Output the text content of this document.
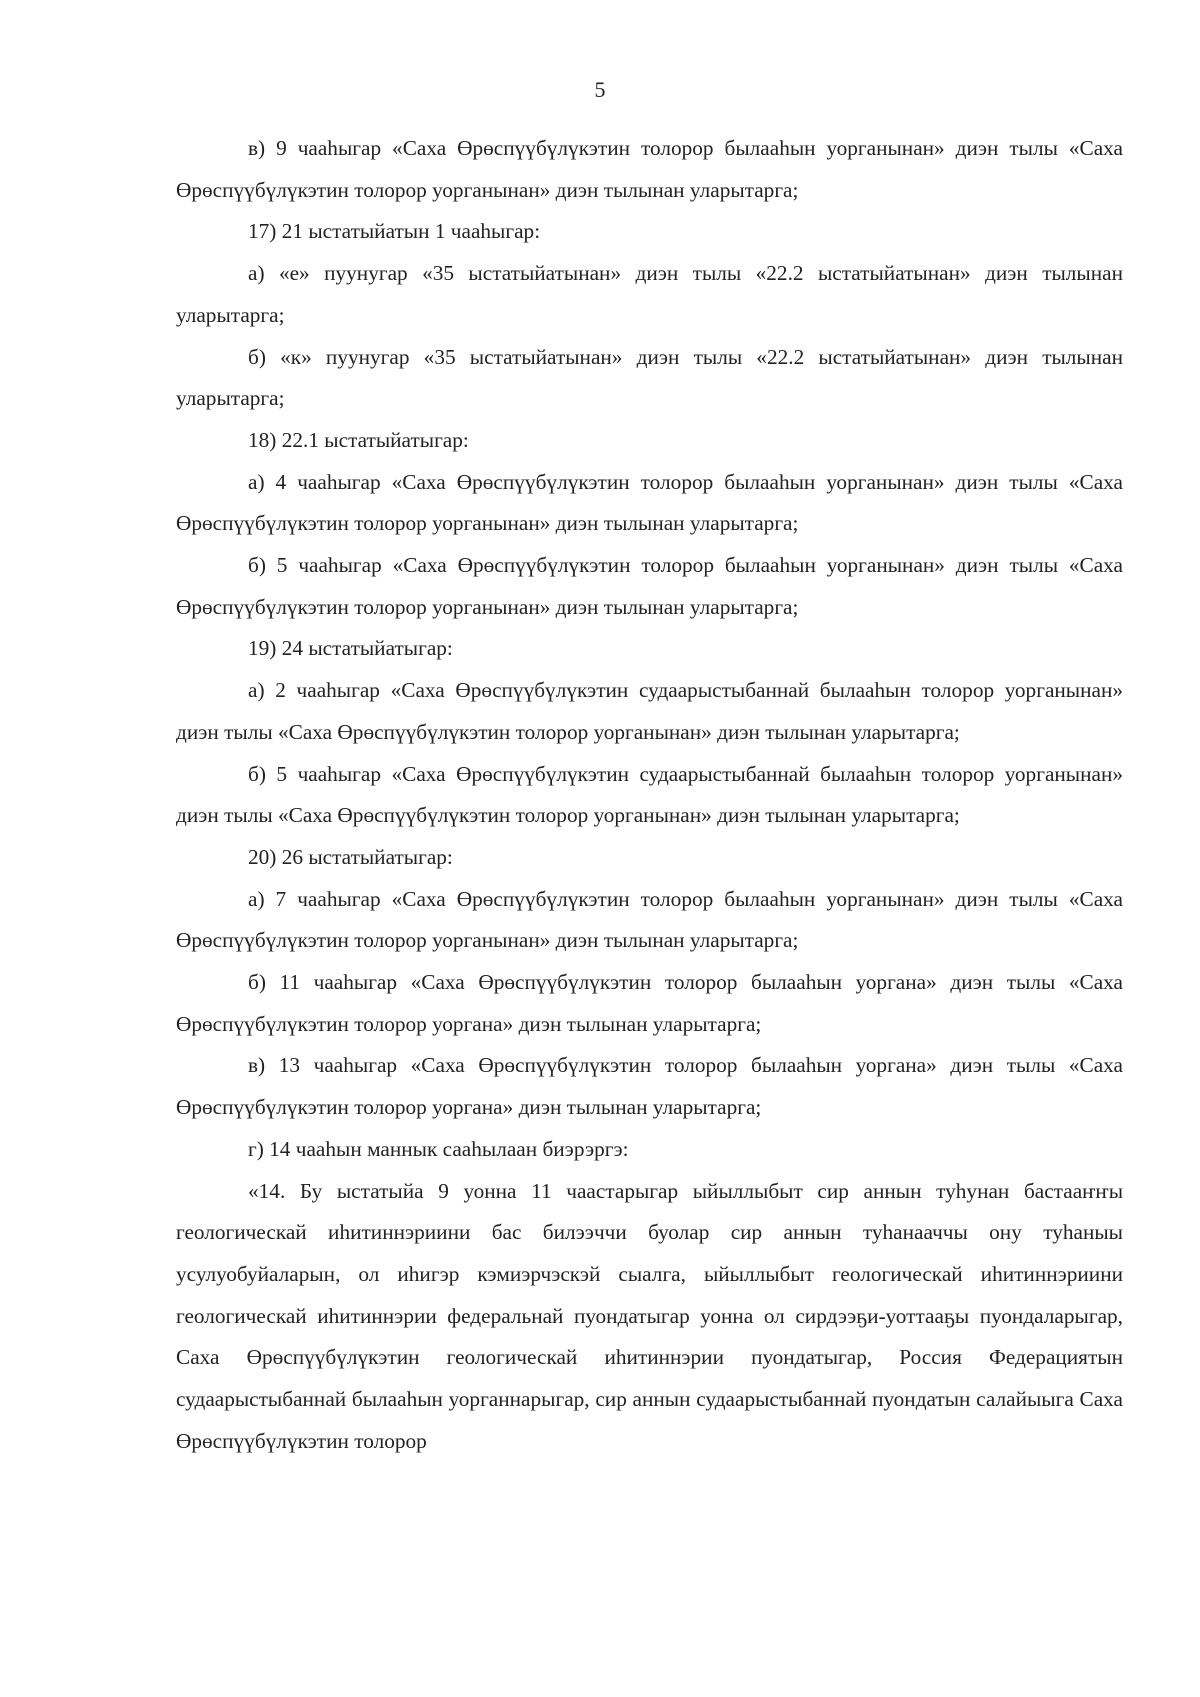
5

в) 9 чааһыгар «Саха Өрөспүүбүлүкэтин толорор былааһын уорганынан» диэн тылы «Саха Өрөспүүбүлүкэтин толорор уорганынан» диэн тылынан уларытарга;

17) 21 ыстатыйатын 1 чааһыгар:

а) «е» пуунугар «35 ыстатыйатынан» диэн тылы «22.2 ыстатыйатынан» диэн тылынан уларытарга;

б) «к» пуунугар «35 ыстатыйатынан» диэн тылы «22.2 ыстатыйатынан» диэн тылынан уларытарга;

18) 22.1 ыстатыйатыгар:

а) 4 чааһыгар «Саха Өрөспүүбүлүкэтин толорор былааһын уорганынан» диэн тылы «Саха Өрөспүүбүлүкэтин толорор уорганынан» диэн тылынан уларытарга;

б) 5 чааһыгар «Саха Өрөспүүбүлүкэтин толорор былааһын уорганынан» диэн тылы «Саха Өрөспүүбүлүкэтин толорор уорганынан» диэн тылынан уларытарга;

19) 24 ыстатыйатыгар:

а) 2 чааһыгар «Саха Өрөспүүбүлүкэтин судаарыстыбаннай былааһын толорор уорганынан» диэн тылы «Саха Өрөспүүбүлүкэтин толорор уорганынан» диэн тылынан уларытарга;

б) 5 чааһыгар «Саха Өрөспүүбүлүкэтин судаарыстыбаннай былааһын толорор уорганынан» диэн тылы «Саха Өрөспүүбүлүкэтин толорор уорганынан» диэн тылынан уларытарга;

20) 26 ыстатыйатыгар:

а) 7 чааһыгар «Саха Өрөспүүбүлүкэтин толорор былааһын уорганынан» диэн тылы «Саха Өрөспүүбүлүкэтин толорор уорганынан» диэн тылынан уларытарга;

б) 11 чааһыгар «Саха Өрөспүүбүлүкэтин толорор былааһын уоргана» диэн тылы «Саха Өрөспүүбүлүкэтин толорор уоргана» диэн тылынан уларытарга;

в) 13 чааһыгар «Саха Өрөспүүбүлүкэтин толорор былааһын уоргана» диэн тылы «Саха Өрөспүүбүлүкэтин толорор уоргана» диэн тылынан уларытарга;

г) 14 чааһын маннык сааһылаан биэрэргэ:

«14. Бу ыстатыйа 9 уонна 11 чаастарыгар ыйыллыбыт сир аннын туһунан бастааҥҥы геологическай иһитиннэриини бас билээччи буолар сир аннын туһанааччы ону туһаныы усулуобуйаларын, ол иһигэр кэмиэрчэскэй сыалга, ыйыллыбыт геологическай иһитиннэриини геологическай иһитиннэрии федеральнай пуондатыгар уонна ол сирдээҕи-уоттааҕы пуондаларыгар, Саха Өрөспүүбүлүкэтин геологическай иһитиннэрии пуондатыгар, Россия Федерациятын судаарыстыбаннай былааһын уорганнарыгар, сир аннын судаарыстыбаннай пуондатын салайыыга Саха Өрөспүүбүлүкэтин толорор
